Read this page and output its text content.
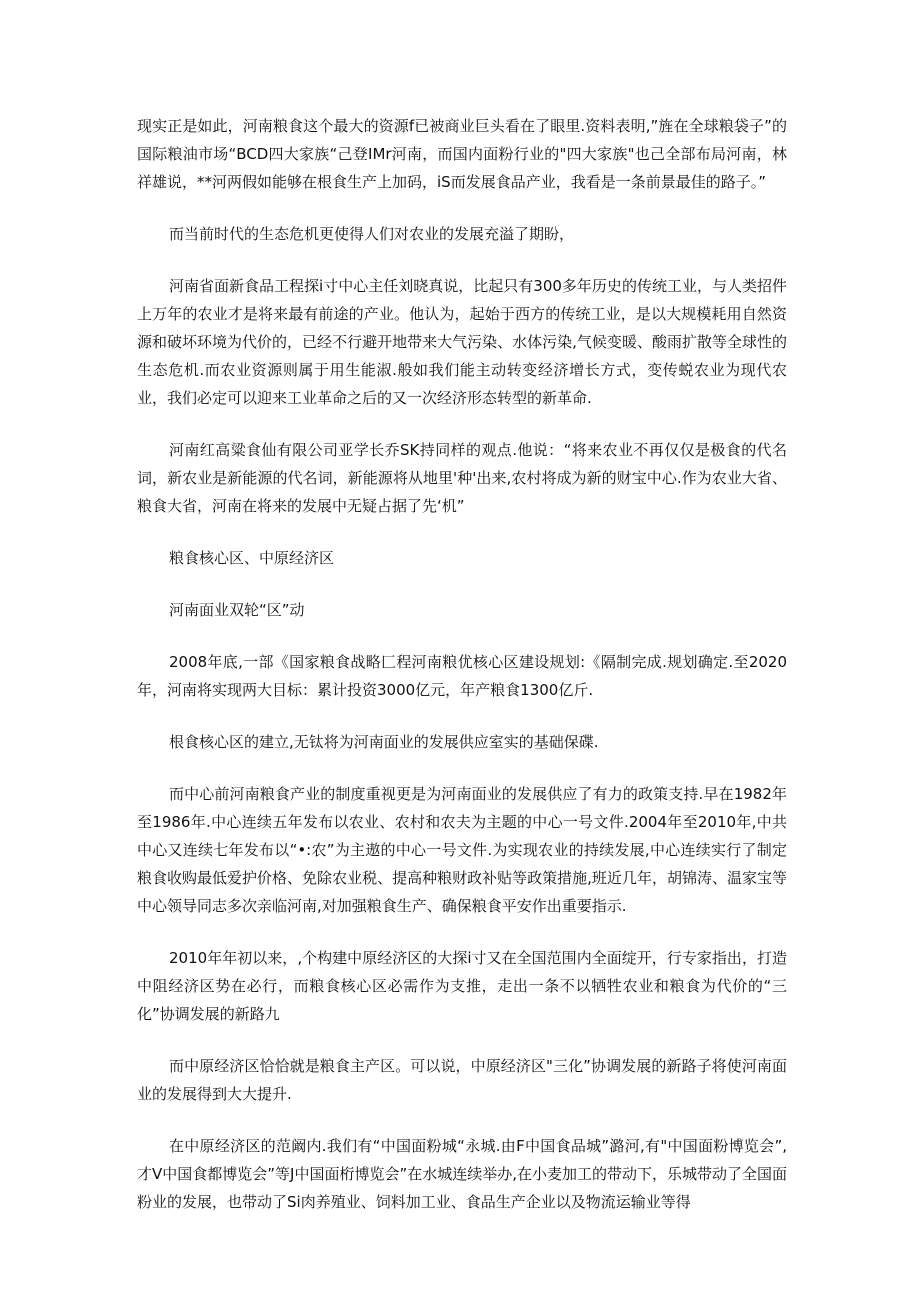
现实正是如此，河南粮食这个最大的资源f已被商业巨头看在了眼里.资料表明,”旌在全球粮袋子”的国际粮油市场“BCD四大家族“己登IMr河南，而国内面粉行业的"四大家族"也己全部布局河南，林祥雄说，**河两假如能够在根食生产上加码，iS而发展食品产业，我看是一条前景最佳的路子。”

而当前时代的生态危机更使得人们对农业的发展充溢了期盼，

河南省面新食品工程探i寸中心主任刘晓真说，比起只有300多年历史的传统工业，与人类招件上万年的农业才是将来最有前途的产业。他认为，起始于西方的传统工业，是以大规模耗用自然资源和破坏环境为代价的，已经不行避开地带来大气污染、水体污染,气候变暖、酸雨扩散等全球性的生态危机.而农业资源则属于用生能淑.般如我们能主动转变经济增长方式，变传蜕农业为现代农业，我们必定可以迎来工业革命之后的又一次经济形态转型的新革命.

河南红高粱食仙有限公司亚学长乔SK持同样的观点.他说：“将来农业不再仅仅是极食的代名词，新农业是新能源的代名词，新能源将从地里'种'出来,农村将成为新的财宝中心.作为农业大省、粮食大省，河南在将来的发展中无疑占据了先‘机”

粮食核心区、中原经济区

河南面业双轮“区”动

2008年底,一部《国家粮食战略匚程河南粮优核心区建设规划:《隔制完成.规划确定.至2020年，河南将实现两大目标：累计投资3000亿元，年产粮食1300亿斤.

根食核心区的建立,无钛将为河南面业的发展供应室实的基础保碟.

而中心前河南粮食产业的制度重视更是为河南面业的发展供应了有力的政策支持.早在1982年至1986年.中心连续五年发布以农业、农村和农夫为主题的中心一号文件.2004年至2010年,中共中心又连续七年发布以“•:农”为主遨的中心一号文件.为实现农业的持续发展,中心连续实行了制定粮食收购最低爱护价格、免除农业税、提高种粮财政补贴等政策措施,班近几年，胡锦涛、温家宝等中心领导同志多次亲临河南,对加强粮食生产、确保粮食平安作出重要指示.

2010年年初以来，,个构建中原经济区的大探i寸又在全国范围内全面绽开，行专家指出，打造中阻经济区势在必行，而粮食核心区必需作为支推，走出一条不以牺牲农业和粮食为代价的“三化”协调发展的新路九

而中原经济区恰恰就是粮食主产区。可以说，中原经济区"三化”协调发展的新路子将使河南面业的发展得到大大提升.

在中原经济区的范阚内.我们有“中国面粉城“永城.由F中国食品城”潞河,有"中国面粉博览会”,才V中国食都博览会”等J中国面桁博览会”在水城连续举办,在小麦加工的带动下，乐城带动了全国面粉业的发展，也带动了Si肉养殖业、饲料加工业、食品生产企业以及物流运输业等得
